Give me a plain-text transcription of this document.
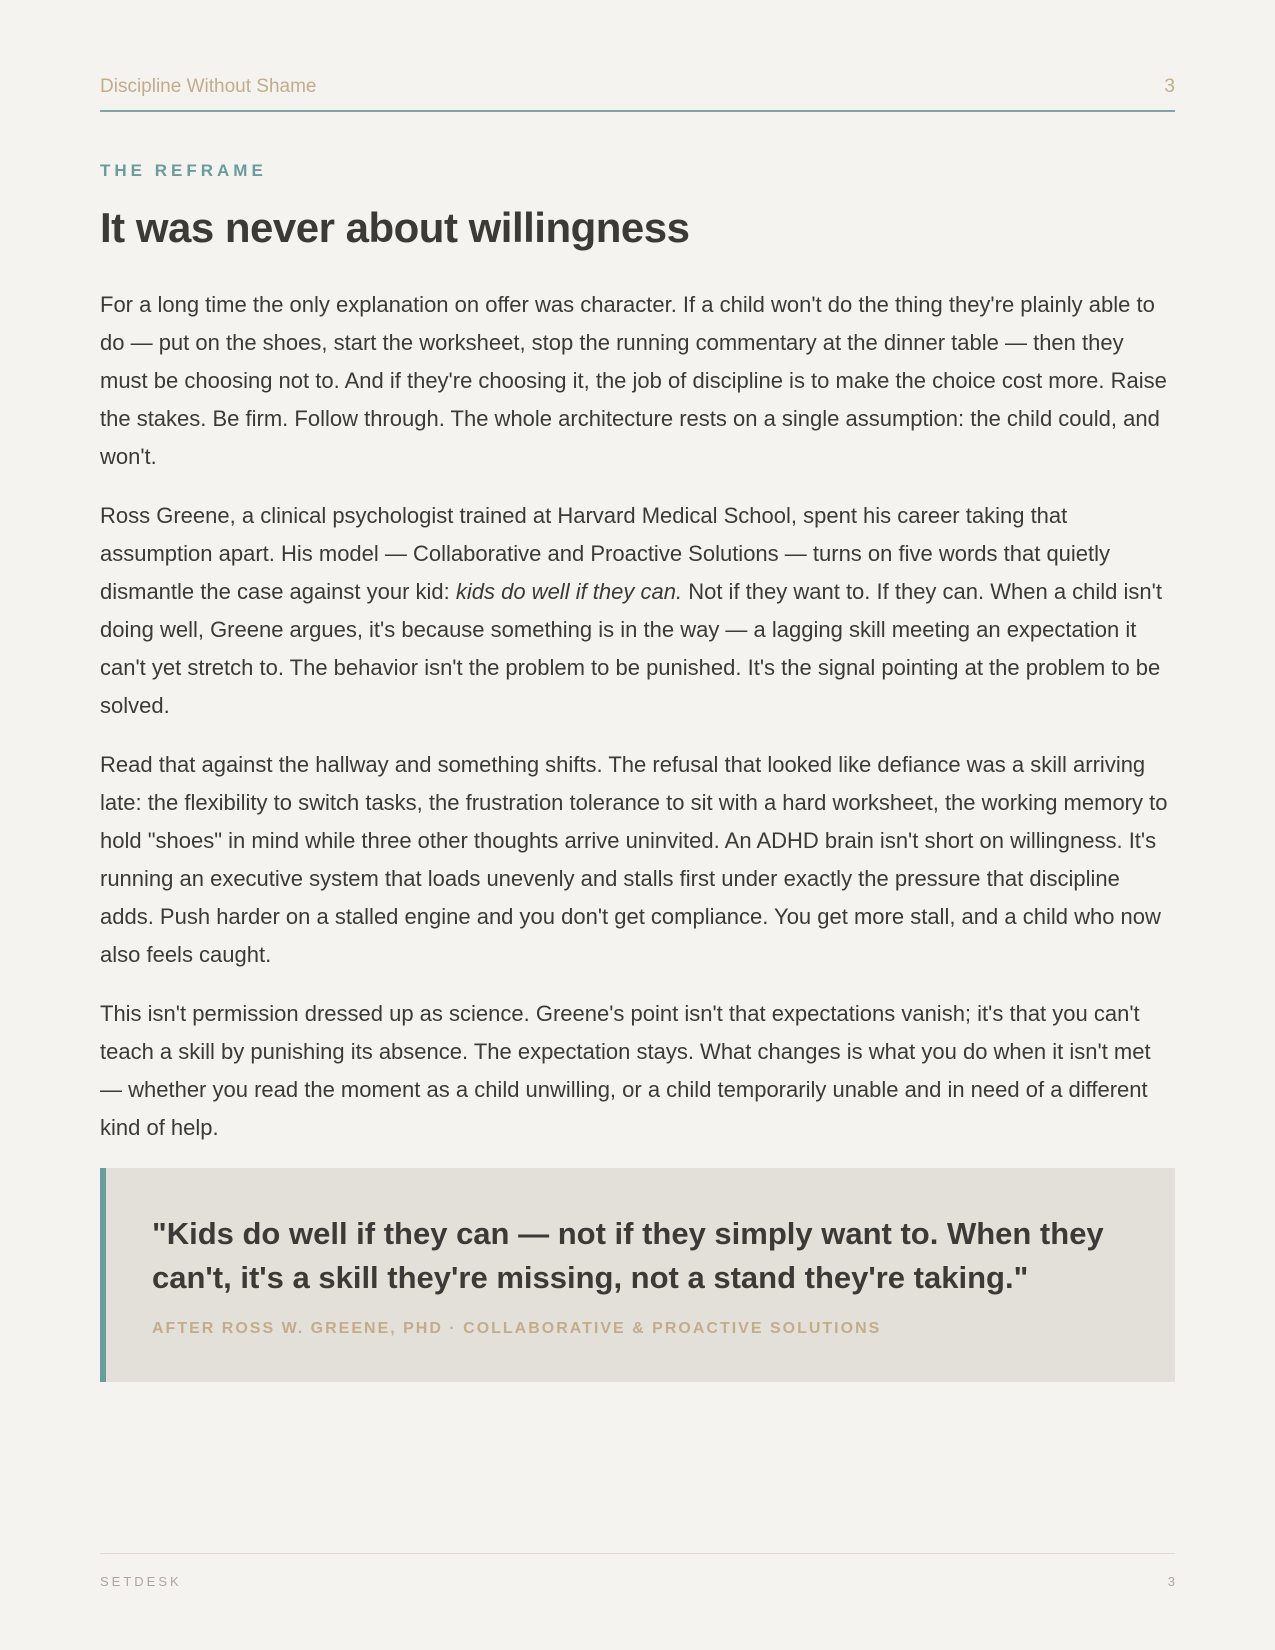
Discipline Without Shame	3
THE REFRAME
It was never about willingness

For a long time the only explanation on offer was character. If a child won't do the thing they're plainly able to do — put on the shoes, start the worksheet, stop the running commentary at the dinner table — then they must be choosing not to. And if they're choosing it, the job of discipline is to make the choice cost more. Raise the stakes. Be firm. Follow through. The whole architecture rests on a single assumption: the child could, and won't.

Ross Greene, a clinical psychologist trained at Harvard Medical School, spent his career taking that assumption apart. His model — Collaborative and Proactive Solutions — turns on five words that quietly dismantle the case against your kid: kids do well if they can. Not if they want to. If they can. When a child isn't doing well, Greene argues, it's because something is in the way — a lagging skill meeting an expectation it can't yet stretch to. The behavior isn't the problem to be punished. It's the signal pointing at the problem to be solved.

Read that against the hallway and something shifts. The refusal that looked like defiance was a skill arriving late: the flexibility to switch tasks, the frustration tolerance to sit with a hard worksheet, the working memory to hold "shoes" in mind while three other thoughts arrive uninvited. An ADHD brain isn't short on willingness. It's running an executive system that loads unevenly and stalls first under exactly the pressure that discipline adds. Push harder on a stalled engine and you don't get compliance. You get more stall, and a child who now also feels caught.

This isn't permission dressed up as science. Greene's point isn't that expectations vanish; it's that you can't teach a skill by punishing its absence. The expectation stays. What changes is what you do when it isn't met — whether you read the moment as a child unwilling, or a child temporarily unable and in need of a different kind of help.

"Kids do well if they can — not if they simply want to. When they can't, it's a skill they're missing, not a stand they're taking."
AFTER ROSS W. GREENE, PHD · COLLABORATIVE & PROACTIVE SOLUTIONS
SETDESK	3
